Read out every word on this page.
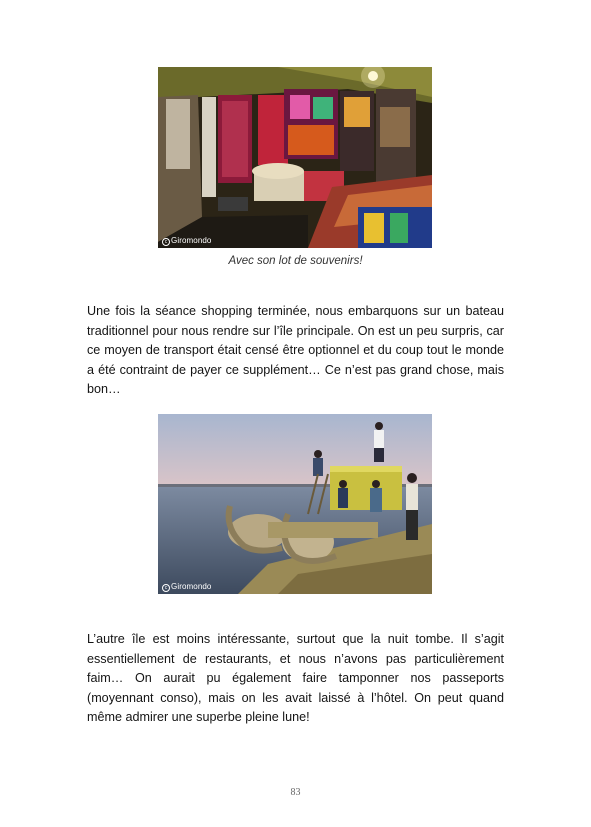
c Giromondo
Avec son lot de souvenirs!

Une fois la séance shopping terminée, nous embarquons sur un bateau traditionnel pour nous rendre sur l’île principale. On est un peu surpris, car ce moyen de transport était censé être optionnel et du coup tout le monde a été contraint de payer ce supplément… Ce n’est pas grand chose, mais bon…

c Giromondo

L’autre île est moins intéressante, surtout que la nuit tombe. Il s’agit essentiellement de restaurants, et nous n’avons pas particulièrement faim… On aurait pu également faire tamponner nos passeports (moyennant conso), mais on les avait laissé à l’hôtel. On peut quand même admirer une superbe pleine lune!

83
